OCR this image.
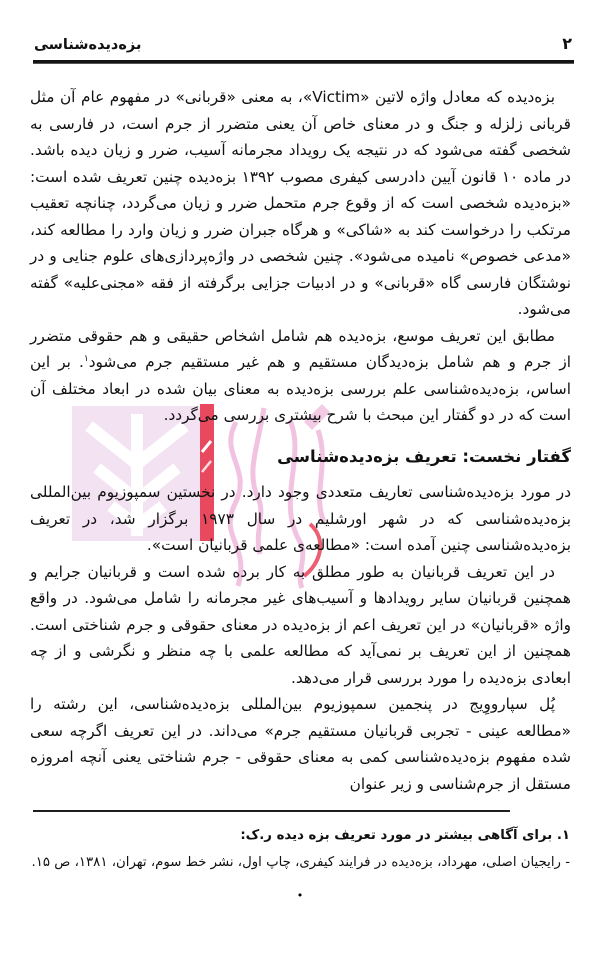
بزه‌دیده‌شناسی	۲

بزه‌دیده که معادل واژه لاتین «Victim»، به معنی «قربانی» در مفهوم عام آن مثل قربانی زلزله و جنگ و در معنای خاص آن یعنی متضرر از جرم است، در فارسی به شخصی گفته می‌شود که در نتیجه یک رویداد مجرمانه آسیب، ضرر و زیان دیده باشد. در ماده ۱۰ قانون آیین دادرسی کیفری مصوب ۱۳۹۲ بزه‌دیده چنین تعریف شده است: «بزه‌دیده شخصی است که از وقوع جرم متحمل ضرر و زیان می‌گردد، چنانچه تعقیب مرتکب را درخواست کند به «شاکی» و هرگاه جبران ضرر و زیان وارد را مطالعه کند، «مدعی خصوص» نامیده می‌شود». چنین شخصی در واژه‌پردازی‌های علوم جنایی و در نوشتگان فارسی گاه «قربانی» و در ادبیات جزایی برگرفته از فقه «مجنی‌علیه» گفته می‌شود.

مطابق این تعریف موسع، بزه‌دیده هم شامل اشخاص حقیقی و هم حقوقی متضرر از جرم و هم شامل بزه‌دیدگان مستقیم و هم غیر مستقیم جرم می‌شود$^۱$. بر این اساس، بزه‌دیده‌شناسی علم بررسی بزه‌دیده به معنای بیان شده در ابعاد مختلف آن است که در دو گفتار این مبحث با شرح بیشتری بررسی می‌گردد.

گفتار نخست: تعریف بزه‌دیده‌شناسی

در مورد بزه‌دیده‌شناسی تعاریف متعددی وجود دارد. در نخستین سمپوزیوم بین‌المللی بزه‌دیده‌شناسی که در شهر اورشلیم در سال ۱۹۷۳ برگزار شد، در تعریف بزه‌دیده‌شناسی چنین آمده است: «مطالعه‌ی علمی قربانیان است».

در این تعریف قربانیان به طور مطلق به کار برده شده است و قربانیان جرایم و همچنین قربانیان سایر رویدادها و آسیب‌های غیر مجرمانه را شامل می‌شود. در واقع واژه «قربانیان» در این تعریف اعم از بزه‌دیده در معنای حقوقی و جرم شناختی است. همچنین از این تعریف بر نمی‌آید که مطالعه علمی با چه منظر و نگرشی و از چه ابعادی بزه‌دیده را مورد بررسی قرار می‌دهد.

پُل سپارووِیج در پنجمین سمپوزیوم بین‌المللی بزه‌دیده‌شناسی، این رشته را «مطالعه عینی - تجربی قربانیان مستقیم جرم» می‌داند. در این تعریف اگرچه سعی شده مفهوم بزه‌دیده‌شناسی کمی به معنای حقوقی - جرم شناختی یعنی آنچه امروزه مستقل از جرم‌شناسی و زیر عنوان

۱. برای آگاهی بیشتر در مورد تعریف بزه دیده ر.ک:

- رایجیان اصلی، مهرداد، بزه‌دیده در فرایند کیفری، چاپ اول، نشر خط سوم، تهران، ۱۳۸۱، ص ۱۵.

•
